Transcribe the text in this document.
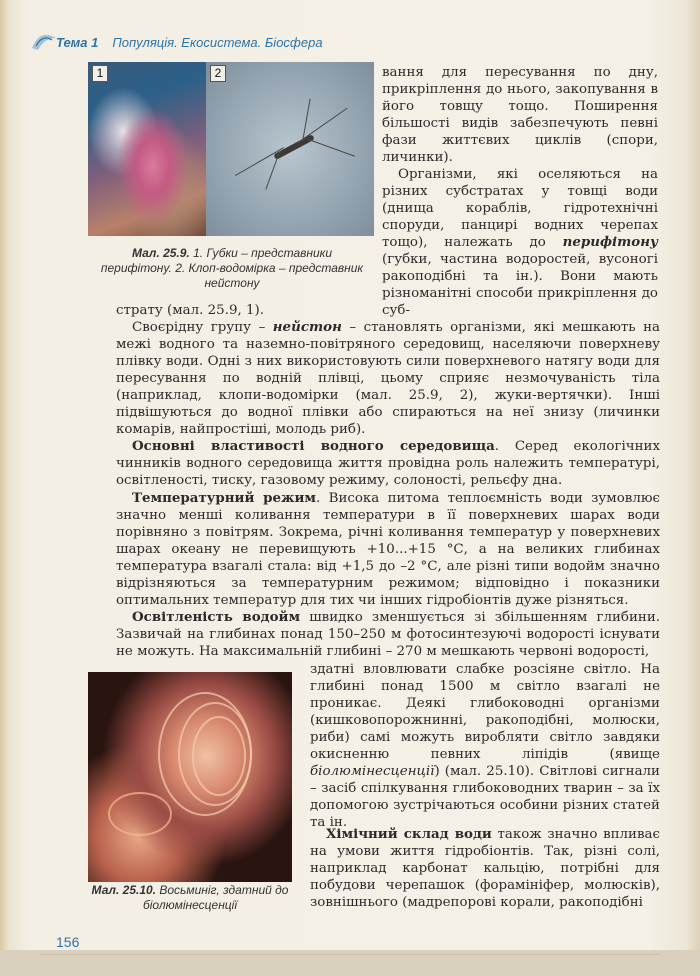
Тема 1 Популяція. Екосистема. Біосфера
1	2
Мал. 25.9. 1. Губки – представники перифітону. 2. Клоп-водомірка – представник нейстону
вання для пересування по дну, прикріплення до нього, закопування в його товщу тощо. Поширення більшості видів забезпечують певні фази життєвих циклів (спори, личинки).
Організми, які оселяються на різних субстратах у товщі води (днища кораблів, гідротехнічні споруди, панцирі водних черепах тощо), належать до перифітону (губки, частина водоростей, вусоногі ракоподібні та ін.). Вони мають різноманітні способи прикріплення до суб-
страту (мал. 25.9, 1).
Своєрідну групу – нейстон – становлять організми, які мешкають на межі водного та наземно-повітряного середовищ, населяючи поверхневу плівку води. Одні з них використовують сили поверхневого натягу води для пересування по водній плівці, цьому сприяє незмочуваність тіла (наприклад, клопи-водомірки (мал. 25.9, 2), жуки-вертячки). Інші підвішуються до водної плівки або спираються на неї знизу (личинки комарів, найпростіші, молодь риб).
Основні властивості водного середовища. Серед екологічних чинників водного середовища життя провідна роль належить температурі, освітленості, тиску, газовому режиму, солоності, рельєфу дна.
Температурний режим. Висока питома теплоємність води зумовлює значно менші коливання температури в її поверхневих шарах води порівняно з повітрям. Зокрема, річні коливання температур у поверхневих шарах океану не перевищують +10...+15 °С, а на великих глибинах температура взагалі стала: від +1,5 до –2 °С, але різні типи водойм значно відрізняються за температурним режимом; відповідно і показники оптимальних температур для тих чи інших гідробіонтів дуже різняться.
Освітленість водойм швидко зменшується зі збільшенням глибини. Зазвичай на глибинах понад 150–250 м фотосинтезуючі водорості існувати не можуть. На максимальній глибині – 270 м мешкають червоні водорості,
Мал. 25.10. Восьминіг, здатний до біолюмінесценції
здатні вловлювати слабке розсіяне світло. На глибині понад 1500 м світло взагалі не проникає. Деякі глибоководні організми (кишковопорожнинні, ракоподібні, молюски, риби) самі можуть виробляти світло завдяки окисненню певних ліпідів (явище біолюмінесценції) (мал. 25.10). Світлові сигнали – засіб спілкування глибоководних тварин – за їх допомогою зустрічаються особини різних статей та ін.
Хімічний склад води також значно впливає на умови життя гідробіонтів. Так, різні солі, наприклад карбонат кальцію, потрібні для побудови черепашок (форамініфер, молюсків), зовнішнього (мадрепорові корали, ракоподібні
156
